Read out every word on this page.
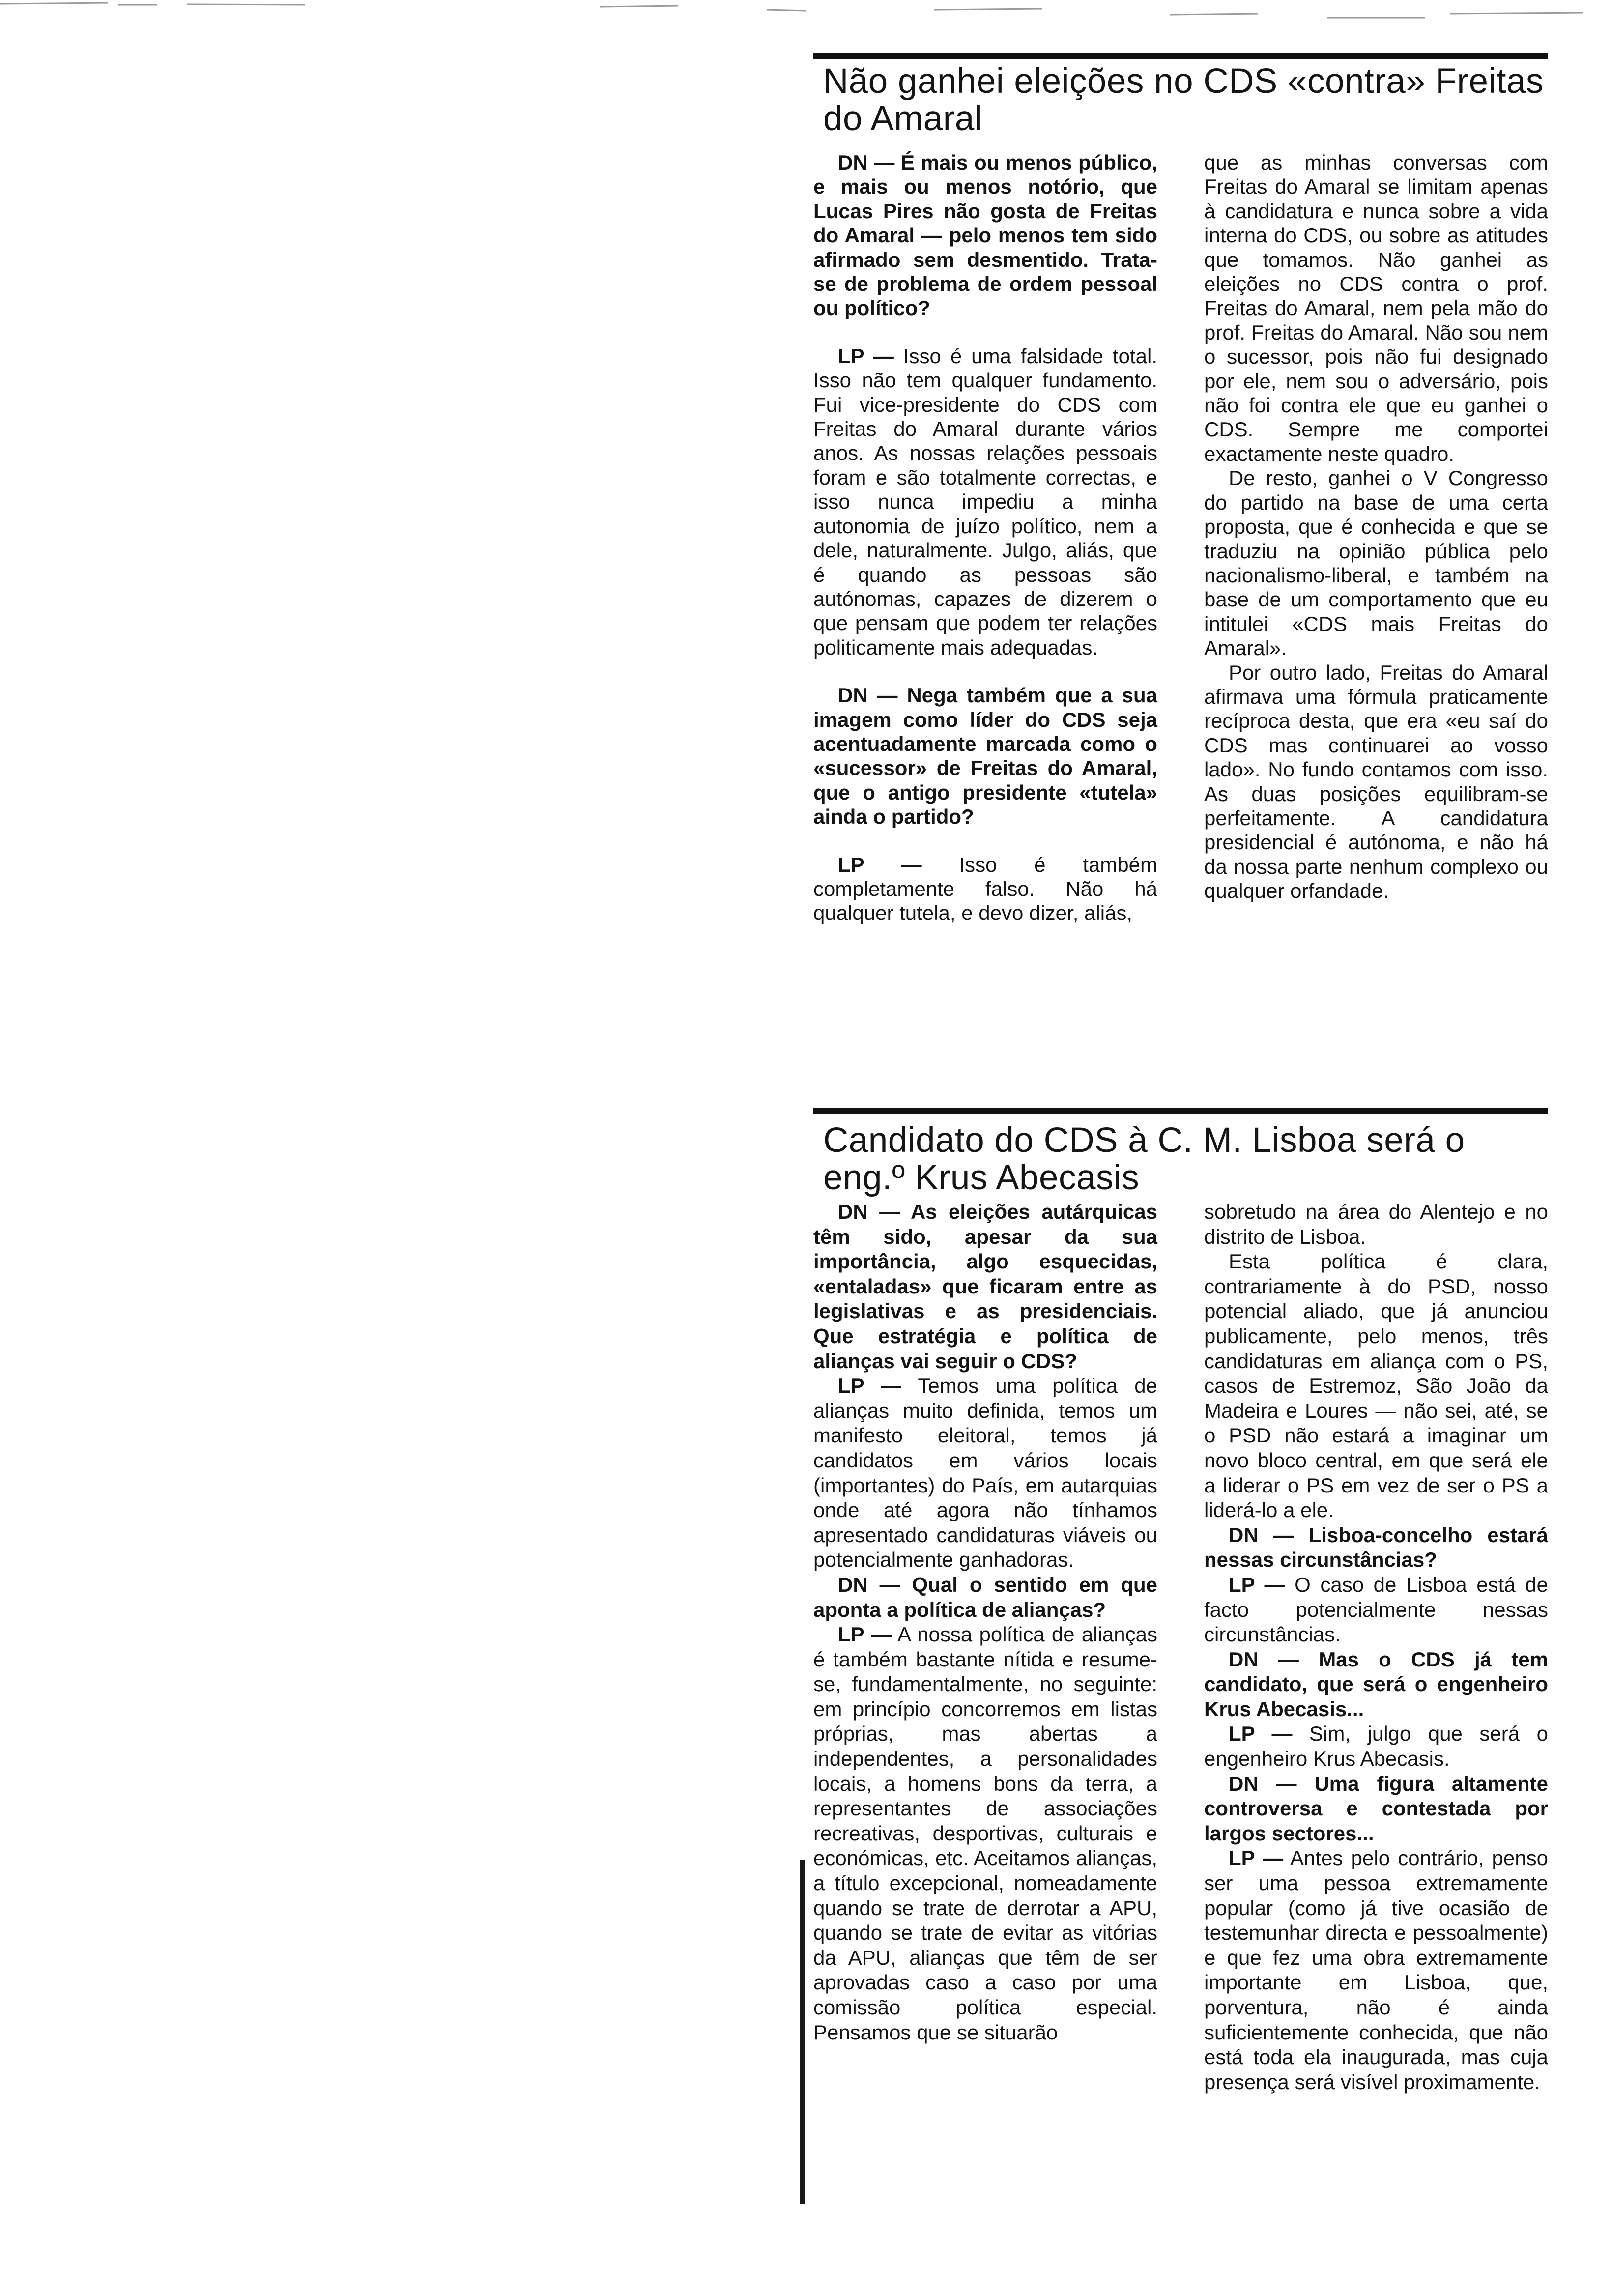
Não ganhei eleições no CDS «contra» Freitas do Amaral

DN — É mais ou menos público, e mais ou menos notório, que Lucas Pires não gosta de Freitas do Amaral — pelo menos tem sido afirmado sem desmentido. Trata-se de problema de ordem pessoal ou político?

LP — Isso é uma falsidade total. Isso não tem qualquer fundamento. Fui vice-presidente do CDS com Freitas do Amaral durante vários anos. As nossas relações pessoais foram e são totalmente correctas, e isso nunca impediu a minha autonomia de juízo político, nem a dele, naturalmente. Julgo, aliás, que é quando as pessoas são autónomas, capazes de dizerem o que pensam que podem ter relações politicamente mais adequadas.

DN — Nega também que a sua imagem como líder do CDS seja acentuadamente marcada como o «sucessor» de Freitas do Amaral, que o antigo presidente «tutela» ainda o partido?

LP — Isso é também completamente falso. Não há qualquer tutela, e devo dizer, aliás,

que as minhas conversas com Freitas do Amaral se limitam apenas à candidatura e nunca sobre a vida interna do CDS, ou sobre as atitudes que tomamos. Não ganhei as eleições no CDS contra o prof. Freitas do Amaral, nem pela mão do prof. Freitas do Amaral. Não sou nem o sucessor, pois não fui designado por ele, nem sou o adversário, pois não foi contra ele que eu ganhei o CDS. Sempre me comportei exactamente neste quadro.

De resto, ganhei o V Congresso do partido na base de uma certa proposta, que é conhecida e que se traduziu na opinião pública pelo nacionalismo-liberal, e também na base de um comportamento que eu intitulei «CDS mais Freitas do Amaral».

Por outro lado, Freitas do Amaral afirmava uma fórmula praticamente recíproca desta, que era «eu saí do CDS mas continuarei ao vosso lado». No fundo contamos com isso. As duas posições equilibram-se perfeitamente. A candidatura presidencial é autónoma, e não há da nossa parte nenhum complexo ou qualquer orfandade.

Candidato do CDS à C. M. Lisboa será o eng.º Krus Abecasis

DN — As eleições autárquicas têm sido, apesar da sua importância, algo esquecidas, «entaladas» que ficaram entre as legislativas e as presidenciais. Que estratégia e política de alianças vai seguir o CDS?

LP — Temos uma política de alianças muito definida, temos um manifesto eleitoral, temos já candidatos em vários locais (importantes) do País, em autarquias onde até agora não tínhamos apresentado candidaturas viáveis ou potencialmente ganhadoras.

DN — Qual o sentido em que aponta a política de alianças?

LP — A nossa política de alianças é também bastante nítida e resume-se, fundamentalmente, no seguinte: em princípio concorremos em listas próprias, mas abertas a independentes, a personalidades locais, a homens bons da terra, a representantes de associações recreativas, desportivas, culturais e económicas, etc. Aceitamos alianças, a título excepcional, nomeadamente quando se trate de derrotar a APU, quando se trate de evitar as vitórias da APU, alianças que têm de ser aprovadas caso a caso por uma comissão política especial. Pensamos que se situarão

sobretudo na área do Alentejo e no distrito de Lisboa.

Esta política é clara, contrariamente à do PSD, nosso potencial aliado, que já anunciou publicamente, pelo menos, três candidaturas em aliança com o PS, casos de Estremoz, São João da Madeira e Loures — não sei, até, se o PSD não estará a imaginar um novo bloco central, em que será ele a liderar o PS em vez de ser o PS a liderá-lo a ele.

DN — Lisboa-concelho estará nessas circunstâncias?

LP — O caso de Lisboa está de facto potencialmente nessas circunstâncias.

DN — Mas o CDS já tem candidato, que será o engenheiro Krus Abecasis...

LP — Sim, julgo que será o engenheiro Krus Abecasis.

DN — Uma figura altamente controversa e contestada por largos sectores...

LP — Antes pelo contrário, penso ser uma pessoa extremamente popular (como já tive ocasião de testemunhar directa e pessoalmente) e que fez uma obra extremamente importante em Lisboa, que, porventura, não é ainda suficientemente conhecida, que não está toda ela inaugurada, mas cuja presença será visível proximamente.
